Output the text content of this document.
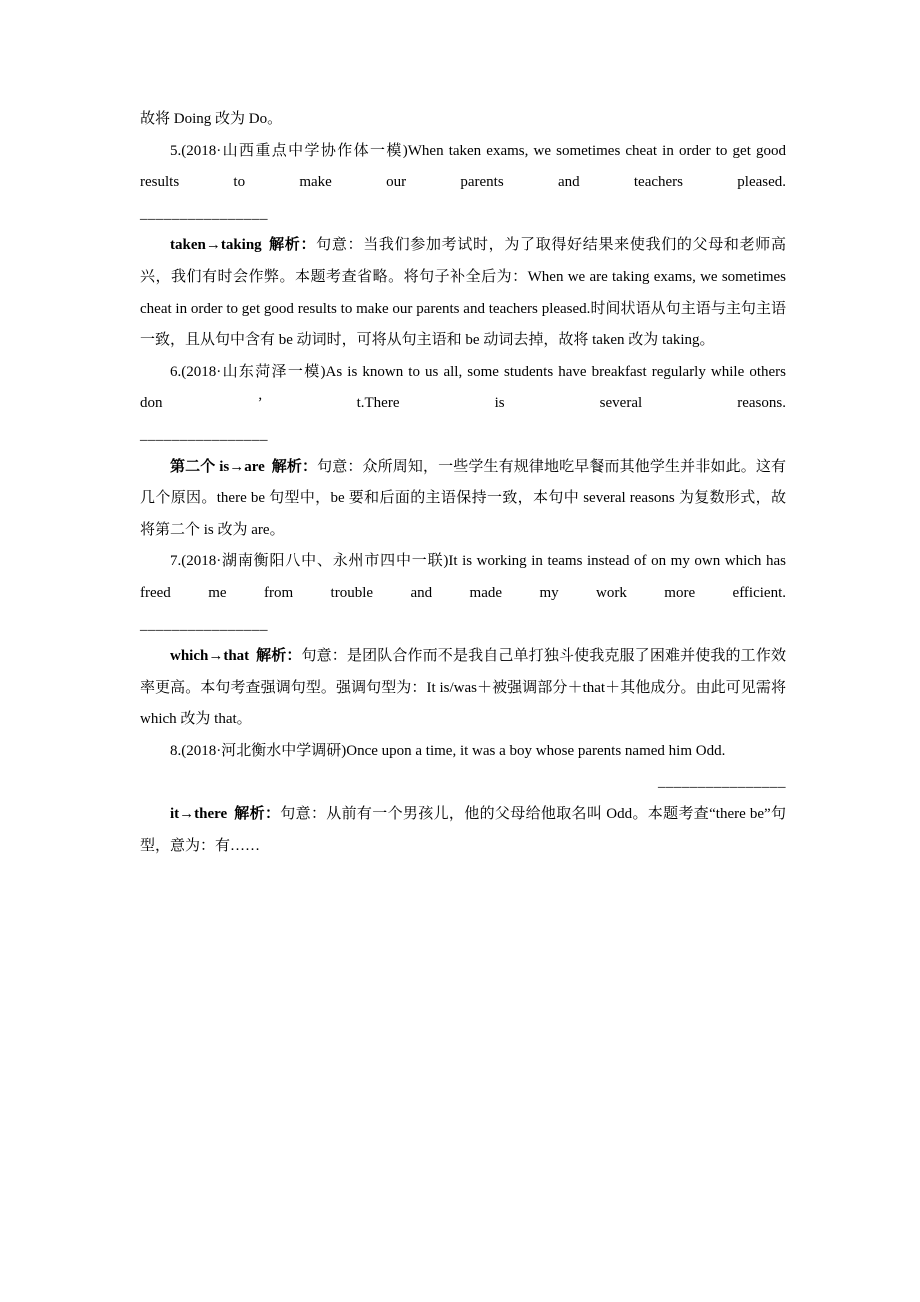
故将 Doing 改为 Do。

5.(2018·山西重点中学协作体一模)When taken exams, we sometimes cheat in order to get good results to make our parents and teachers pleased.

________________

taken→taking 解析：句意：当我们参加考试时，为了取得好结果来使我们的父母和老师高兴，我们有时会作弊。本题考查省略。将句子补全后为：When we are taking exams, we sometimes cheat in order to get good results to make our parents and teachers pleased.时间状语从句主语与主句主语一致，且从句中含有 be 动词时，可将从句主语和 be 动词去掉，故将 taken 改为 taking。

6.(2018·山东菏泽一模)As is known to us all, some students have breakfast regularly while others don ’ t.There is several reasons.

________________

第二个 is→are 解析：句意：众所周知，一些学生有规律地吃早餐而其他学生并非如此。这有几个原因。there be 句型中，be 要和后面的主语保持一致，本句中 several reasons 为复数形式，故将第二个 is 改为 are。

7.(2018·湖南衡阳八中、永州市四中一联)It is working in teams instead of on my own which has freed me from trouble and made my work more efficient.

________________

which→that 解析：句意：是团队合作而不是我自己单打独斗使我克服了困难并使我的工作效率更高。本句考查强调句型。强调句型为：It is/was＋被强调部分＋that＋其他成分。由此可见需将 which 改为 that。

8.(2018·河北衡水中学调研)Once upon a time, it was a boy whose parents named him Odd.

________________

it→there 解析：句意：从前有一个男孩儿，他的父母给他取名叫 Odd。本题考查“there be”句型，意为：有……
